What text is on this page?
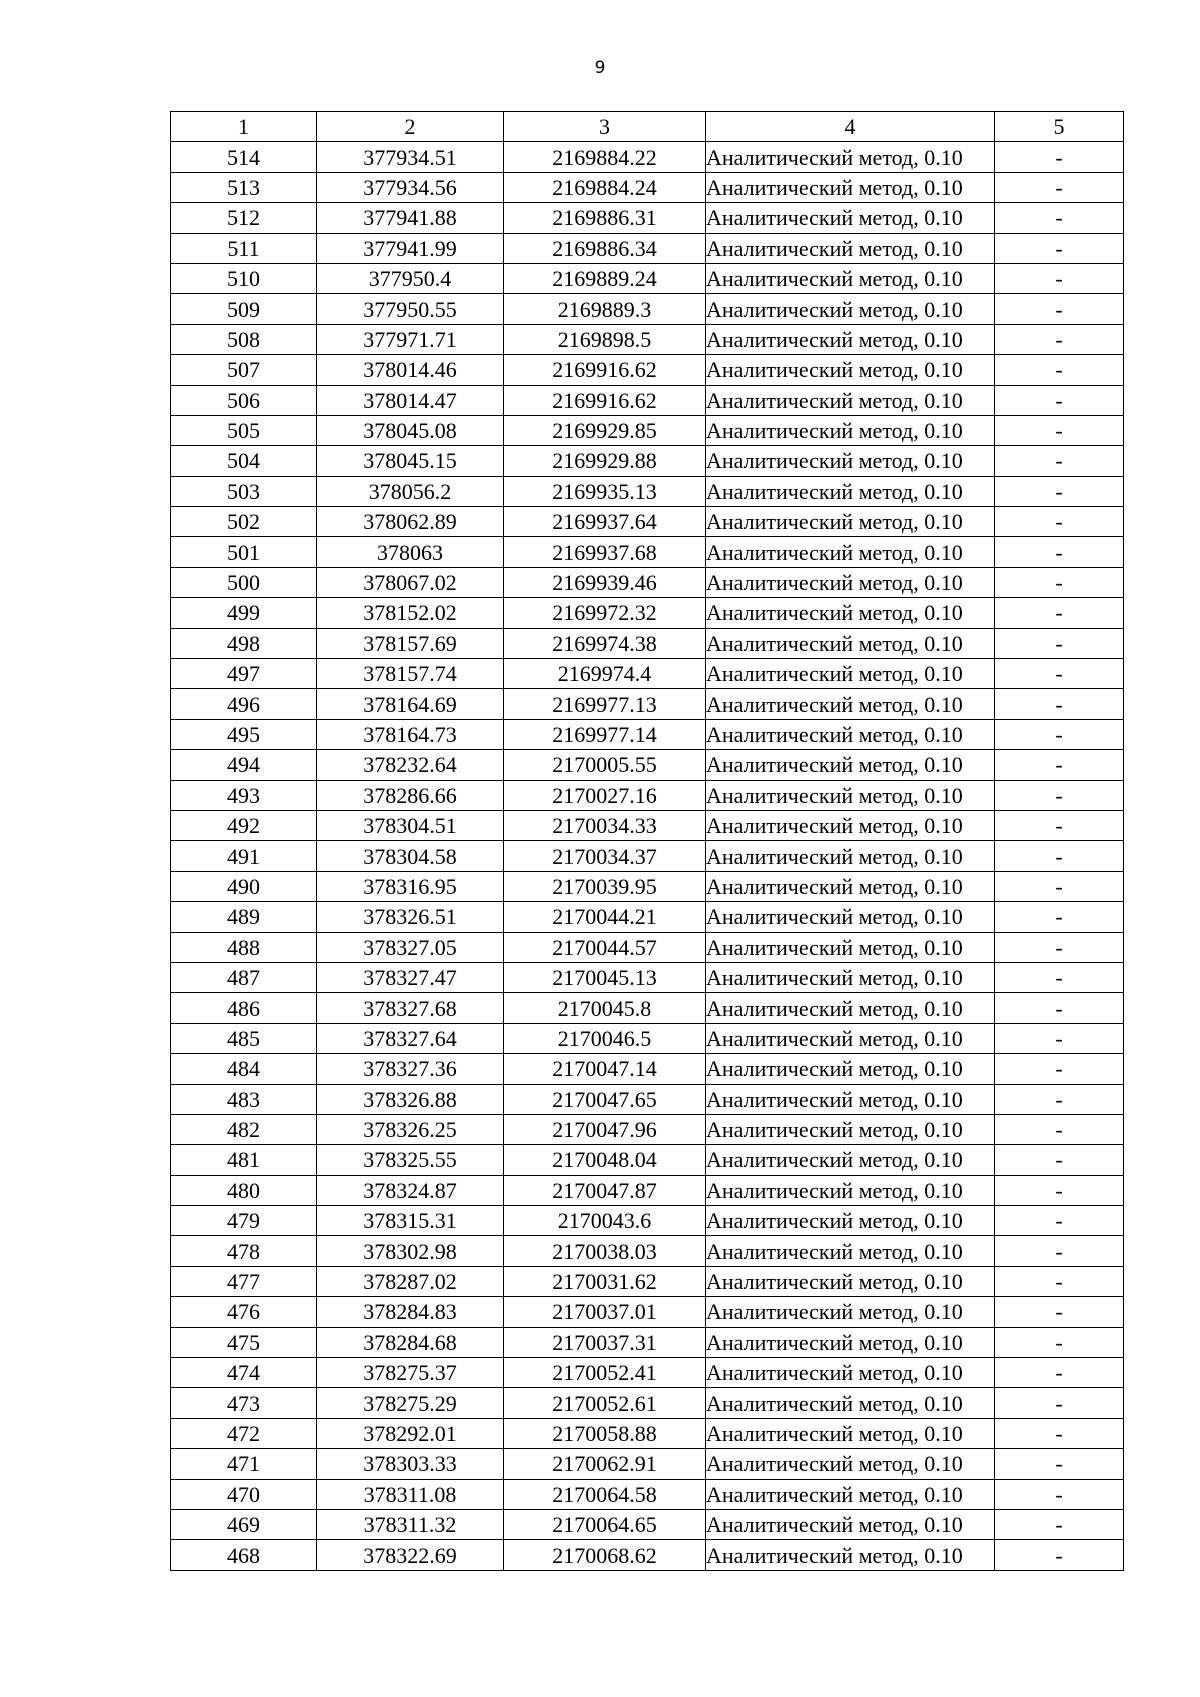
9
1	2	3	4	5
514	377934.51	2169884.22	Аналитический метод, 0.10	-
513	377934.56	2169884.24	Аналитический метод, 0.10	-
512	377941.88	2169886.31	Аналитический метод, 0.10	-
511	377941.99	2169886.34	Аналитический метод, 0.10	-
510	377950.4	2169889.24	Аналитический метод, 0.10	-
509	377950.55	2169889.3	Аналитический метод, 0.10	-
508	377971.71	2169898.5	Аналитический метод, 0.10	-
507	378014.46	2169916.62	Аналитический метод, 0.10	-
506	378014.47	2169916.62	Аналитический метод, 0.10	-
505	378045.08	2169929.85	Аналитический метод, 0.10	-
504	378045.15	2169929.88	Аналитический метод, 0.10	-
503	378056.2	2169935.13	Аналитический метод, 0.10	-
502	378062.89	2169937.64	Аналитический метод, 0.10	-
501	378063	2169937.68	Аналитический метод, 0.10	-
500	378067.02	2169939.46	Аналитический метод, 0.10	-
499	378152.02	2169972.32	Аналитический метод, 0.10	-
498	378157.69	2169974.38	Аналитический метод, 0.10	-
497	378157.74	2169974.4	Аналитический метод, 0.10	-
496	378164.69	2169977.13	Аналитический метод, 0.10	-
495	378164.73	2169977.14	Аналитический метод, 0.10	-
494	378232.64	2170005.55	Аналитический метод, 0.10	-
493	378286.66	2170027.16	Аналитический метод, 0.10	-
492	378304.51	2170034.33	Аналитический метод, 0.10	-
491	378304.58	2170034.37	Аналитический метод, 0.10	-
490	378316.95	2170039.95	Аналитический метод, 0.10	-
489	378326.51	2170044.21	Аналитический метод, 0.10	-
488	378327.05	2170044.57	Аналитический метод, 0.10	-
487	378327.47	2170045.13	Аналитический метод, 0.10	-
486	378327.68	2170045.8	Аналитический метод, 0.10	-
485	378327.64	2170046.5	Аналитический метод, 0.10	-
484	378327.36	2170047.14	Аналитический метод, 0.10	-
483	378326.88	2170047.65	Аналитический метод, 0.10	-
482	378326.25	2170047.96	Аналитический метод, 0.10	-
481	378325.55	2170048.04	Аналитический метод, 0.10	-
480	378324.87	2170047.87	Аналитический метод, 0.10	-
479	378315.31	2170043.6	Аналитический метод, 0.10	-
478	378302.98	2170038.03	Аналитический метод, 0.10	-
477	378287.02	2170031.62	Аналитический метод, 0.10	-
476	378284.83	2170037.01	Аналитический метод, 0.10	-
475	378284.68	2170037.31	Аналитический метод, 0.10	-
474	378275.37	2170052.41	Аналитический метод, 0.10	-
473	378275.29	2170052.61	Аналитический метод, 0.10	-
472	378292.01	2170058.88	Аналитический метод, 0.10	-
471	378303.33	2170062.91	Аналитический метод, 0.10	-
470	378311.08	2170064.58	Аналитический метод, 0.10	-
469	378311.32	2170064.65	Аналитический метод, 0.10	-
468	378322.69	2170068.62	Аналитический метод, 0.10	-
